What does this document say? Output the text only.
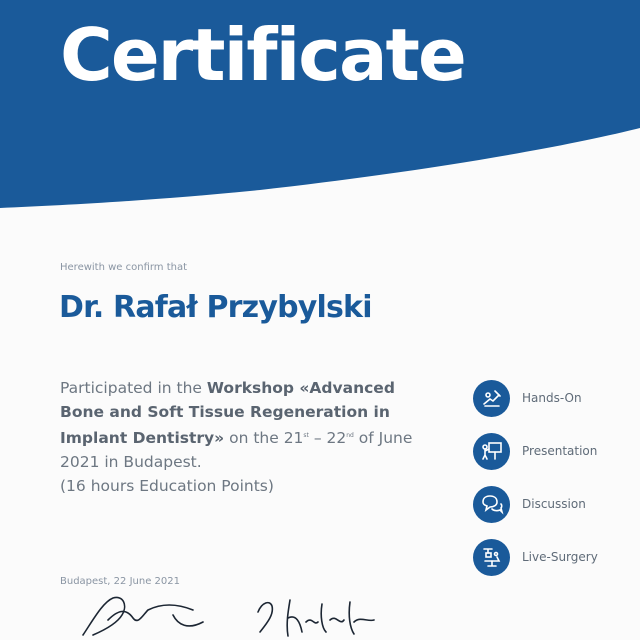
Certificate
Herewith we confirm that
Dr. Rafał Przybylski
Participated in the Workshop «Advanced Bone and Soft Tissue Regeneration in Implant Dentistry» on the 21st – 22nd of June 2021 in Budapest.
(16 hours Education Points)
Hands-On
Presentation
Discussion
Live-Surgery
Budapest, 22 June 2021
